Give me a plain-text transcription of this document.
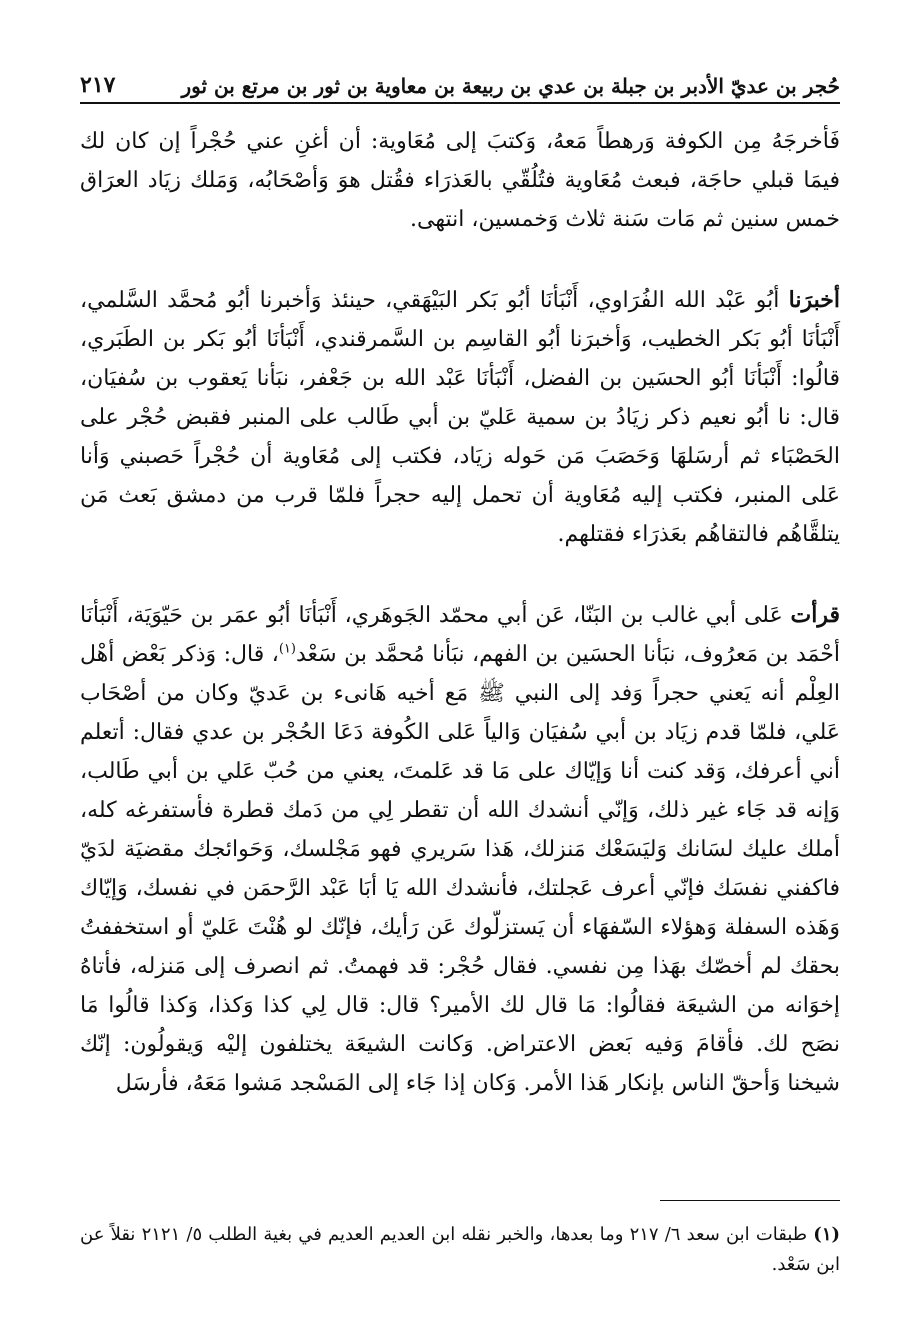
حُجر بن عديّ الأدبر بن جبلة بن عدي بن ربيعة بن معاوية بن ثور بن مرتع بن ثور
٢١٧

فَأخرجَهُ مِن الكوفة وَرهطاً مَعهُ، وَكتبَ إلى مُعَاوية: أن أغنِ عني حُجْراً إن كان لك فيمَا قبلي حاجَة، فبعث مُعَاوية فتُلُقّي بالعَذرَاء فقُتل هوَ وَأصْحَابُه، وَمَلك زيَاد العرَاق خمس سنين ثم مَات سَنة ثلاث وَخمسين، انتهى.

أخبرَنا أبُو عَبْد الله الفُرَاوي، أَنْبَأنَا أبُو بَكر البَيْهَقي، حينئذ وَأخبرنا أبُو مُحمَّد السَّلمي، أَنْبَأنَا أبُو بَكر الخطيب، وَأخبرَنا أبُو القاسِم بن السَّمرقندي، أَنْبَأنَا أبُو بَكر بن الطَبَري، قالُوا: أَنْبَأنَا أبُو الحسَين بن الفضل، أَنْبَأنَا عَبْد الله بن جَعْفر، نبَأنا يَعقوب بن سُفيَان، قال: نا أبُو نعيم ذكر زيَادُ بن سمية عَليّ بن أبي طَالب على المنبر فقبض حُجْر على الحَصْبَاء ثم أرسَلهَا وَحَصَبَ مَن حَوله زيَاد، فكتب إلى مُعَاوية أن حُجْراً حَصبني وَأنا عَلى المنبر، فكتب إليه مُعَاوية أن تحمل إليه حجراً فلمّا قرب من دمشق بَعث مَن يتلقَّاهُم فالتقاهُم بعَذرَاء فقتلهم.

قرأت عَلى أبي غالب بن البَنّا، عَن أبي محمّد الجَوهَري، أَنْبَأنَا أبُو عمَر بن حَيّوَيَة، أَنْبَأنَا أحْمَد بن مَعرُوف، نبَأنا الحسَين بن الفهم، نبَأنا مُحمَّد بن سَعْد$^{(١)}$، قال: وَذكر بَعْض أهْل العِلْم أنه يَعني حجراً وَفد إلى النبي ﷺ مَع أخيه هَانىء بن عَديّ وكان من أصْحَاب عَلي، فلمّا قدم زيَاد بن أبي سُفيَان وَالياً عَلى الكُوفة دَعَا الحُجْر بن عدي فقال: أتعلم أني أعرفك، وَقد كنت أنا وَإيّاك على مَا قد عَلمتَ، يعني من حُبّ عَلي بن أبي طَالب، وَإنه قد جَاء غير ذلك، وَإنّي أنشدك الله أن تقطر لِي من دَمك قطرة فأستفرغه كله، أملك عليك لسَانك وَليَسَعْك مَنزلك، هَذا سَريري فهو مَجْلسك، وَحَوائجك مقضيَة لدَيّ فاكفني نفسَك فإنّي أعرف عَجلتك، فأنشدك الله يَا أبَا عَبْد الرَّحمَن في نفسك، وَإيّاك وَهَذه السفلة وَهؤلاء السّفهَاء أن يَستزلّوك عَن رَأيك، فإنّك لو هُنْتَ عَليّ أو استخففتُ بحقك لم أخصّك بهَذا مِن نفسي. فقال حُجْر: قد فهمتُ. ثم انصرف إلى مَنزله، فأتاهُ إخوَانه من الشيعَة فقالُوا: مَا قال لك الأمير؟ قال: قال لِي كذا وَكذا، وَكذا قالُوا مَا نصَح لك. فأقامَ وَفيه بَعض الاعتراض. وَكانت الشيعَة يختلفون إليْه وَيقولُون: إنّك شيخنا وَأحقّ الناس بإنكار هَذا الأمر. وَكان إذا جَاء إلى المَسْجد مَشوا مَعَهُ، فأرسَل

(١) طبقات ابن سعد ٦/ ٢١٧ وما بعدها، والخبر نقله ابن العديم العديم في بغية الطلب ٥/ ٢١٢١ نقلاً عن ابن سَعْد.
